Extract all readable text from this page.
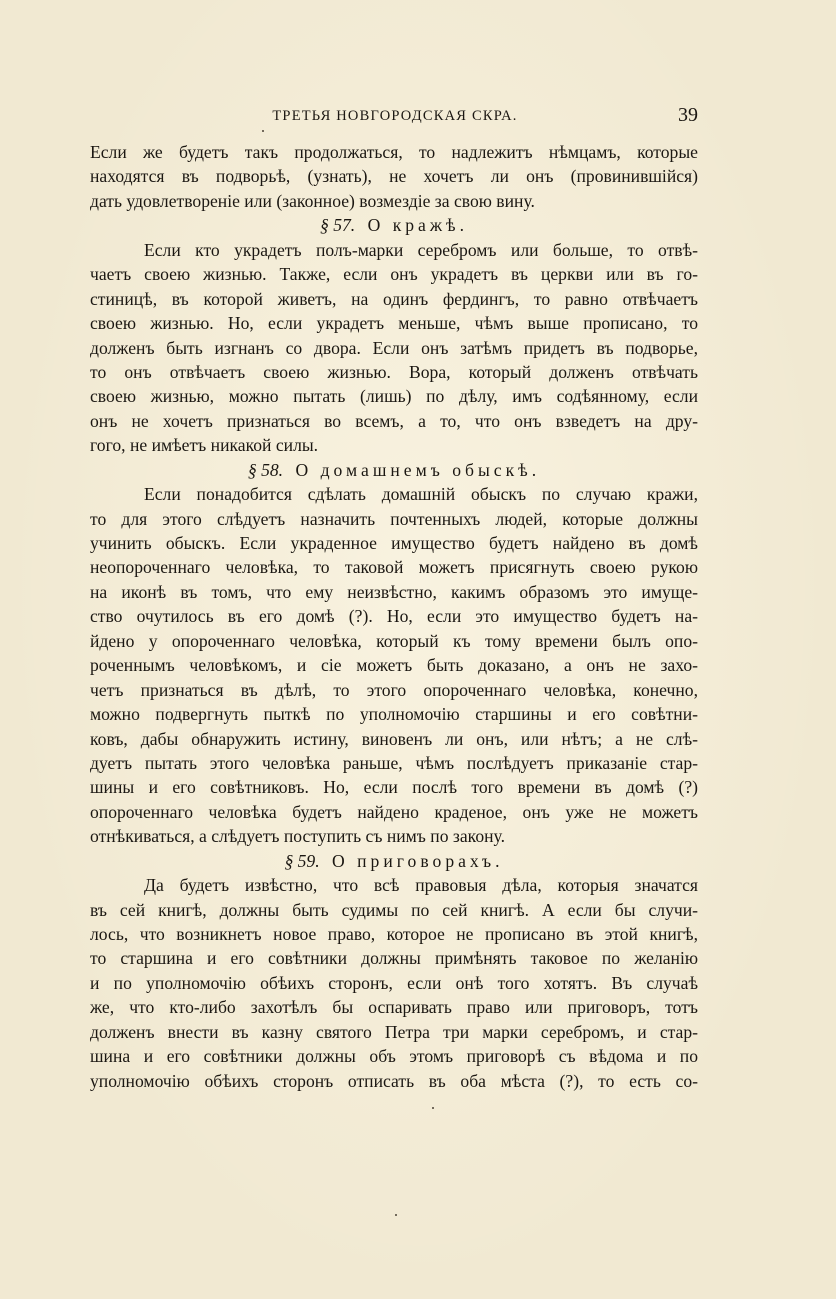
ТРЕТЬЯ НОВГОРОДСКАЯ СКРА.	39
Если же будетъ такъ продолжаться, то надлежитъ нѣмцамъ, которые
находятся въ подворьѣ, (узнать), не хочетъ ли онъ (провинившійся)
дать удовлетвореніе или (законное) возмездіе за свою вину.
§ 57. О кражѣ.
Если кто украдетъ полъ-марки серебромъ или больше, то отвѣ-
чаетъ своею жизнью. Также, если онъ украдетъ въ церкви или въ го-
стиницѣ, въ которой живетъ, на одинъ фердингъ, то равно отвѣчаетъ
своею жизнью. Но, если украдетъ меньше, чѣмъ выше прописано, то
долженъ быть изгнанъ со двора. Если онъ затѣмъ придетъ въ подворье,
то онъ отвѣчаетъ своею жизнью. Вора, который долженъ отвѣчать
своею жизнью, можно пытать (лишь) по дѣлу, имъ содѣянному, если
онъ не хочетъ признаться во всемъ, а то, что онъ взведетъ на дру-
гого, не имѣетъ никакой силы.
§ 58. О домашнемъ обыскѣ.
Если понадобится сдѣлать домашній обыскъ по случаю кражи,
то для этого слѣдуетъ назначить почтенныхъ людей, которые должны
учинить обыскъ. Если украденное имущество будетъ найдено въ домѣ
неопороченнаго человѣка, то таковой можетъ присягнуть своею рукою
на иконѣ въ томъ, что ему неизвѣстно, какимъ образомъ это имуще-
ство очутилось въ его домѣ (?). Но, если это имущество будетъ на-
йдено у опороченнаго человѣка, который къ тому времени былъ опо-
роченнымъ человѣкомъ, и сіе можетъ быть доказано, а онъ не захо-
четъ признаться въ дѣлѣ, то этого опороченнаго человѣка, конечно,
можно подвергнуть пыткѣ по уполномочію старшины и его совѣтни-
ковъ, дабы обнаружить истину, виновенъ ли онъ, или нѣтъ; а не слѣ-
дуетъ пытать этого человѣка раньше, чѣмъ послѣдуетъ приказаніе стар-
шины и его совѣтниковъ. Но, если послѣ того времени въ домѣ (?)
опороченнаго человѣка будетъ найдено краденое, онъ уже не можетъ
отнѣкиваться, а слѣдуетъ поступить съ нимъ по закону.
§ 59. О приговорахъ.
Да будетъ извѣстно, что всѣ правовыя дѣла, которыя значатся
въ сей книгѣ, должны быть судимы по сей книгѣ. А если бы случи-
лось, что возникнетъ новое право, которое не прописано въ этой книгѣ,
то старшина и его совѣтники должны примѣнять таковое по желанію
и по уполномочію обѣихъ сторонъ, если онѣ того хотятъ. Въ случаѣ
же, что кто-либо захотѣлъ бы оспаривать право или приговоръ, тотъ
долженъ внести въ казну святого Петра три марки серебромъ, и стар-
шина и его совѣтники должны объ этомъ приговорѣ съ вѣдома и по
уполномочію обѣихъ сторонъ отписать въ оба мѣста (?), то есть со-
